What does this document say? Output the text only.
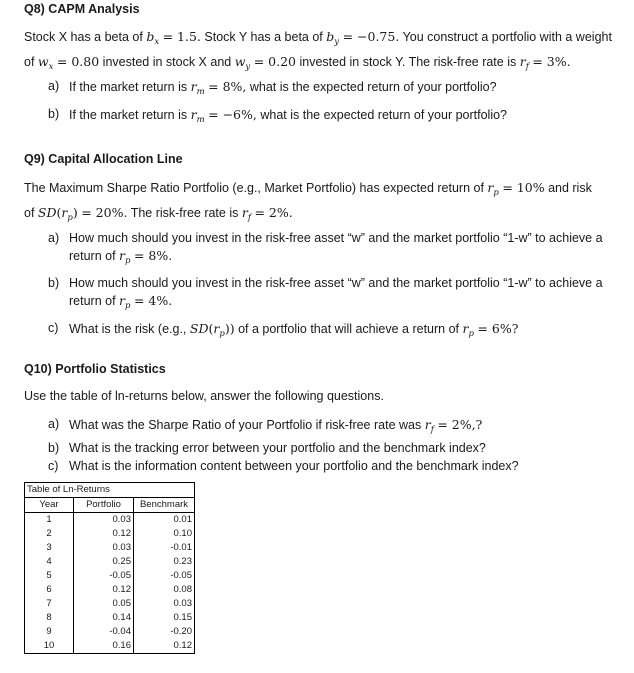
Q8) CAPM Analysis
Stock X has a beta of $b_x = 1.5$. Stock Y has a beta of $b_y = -0.75$. You construct a portfolio with a weight
of $w_x = 0.80$ invested in stock X and $w_y = 0.20$ invested in stock Y. The risk-free rate is $r_f = 3\%$.
a) If the market return is $r_m = 8\%$, what is the expected return of your portfolio?
b) If the market return is $r_m = -6\%$, what is the expected return of your portfolio?
Q9) Capital Allocation Line
The Maximum Sharpe Ratio Portfolio (e.g., Market Portfolio) has expected return of $r_p = 10\%$ and risk
of $SD(r_p) = 20\%$. The risk-free rate is $r_f = 2\%$.
a) How much should you invest in the risk-free asset “w” and the market portfolio “1-w” to achieve a return of $r_p = 8\%$.
b) How much should you invest in the risk-free asset “w” and the market portfolio “1-w” to achieve a return of $r_p = 4\%$.
c) What is the risk (e.g., $SD(r_p)$) of a portfolio that will achieve a return of $r_p = 6\%$?
Q10) Portfolio Statistics
Use the table of ln-returns below, answer the following questions.
a) What was the Sharpe Ratio of your Portfolio if risk-free rate was $r_f = 2\%$,?
b) What is the tracking error between your portfolio and the benchmark index?
c) What is the information content between your portfolio and the benchmark index?
Table of Ln-Returns		
Year	Portfolio	Benchmark
1	0.03	0.01
2	0.12	0.10
3	0.03	-0.01
4	0.25	0.23
5	-0.05	-0.05
6	0.12	0.08
7	0.05	0.03
8	0.14	0.15
9	-0.04	-0.20
10	0.16	0.12
